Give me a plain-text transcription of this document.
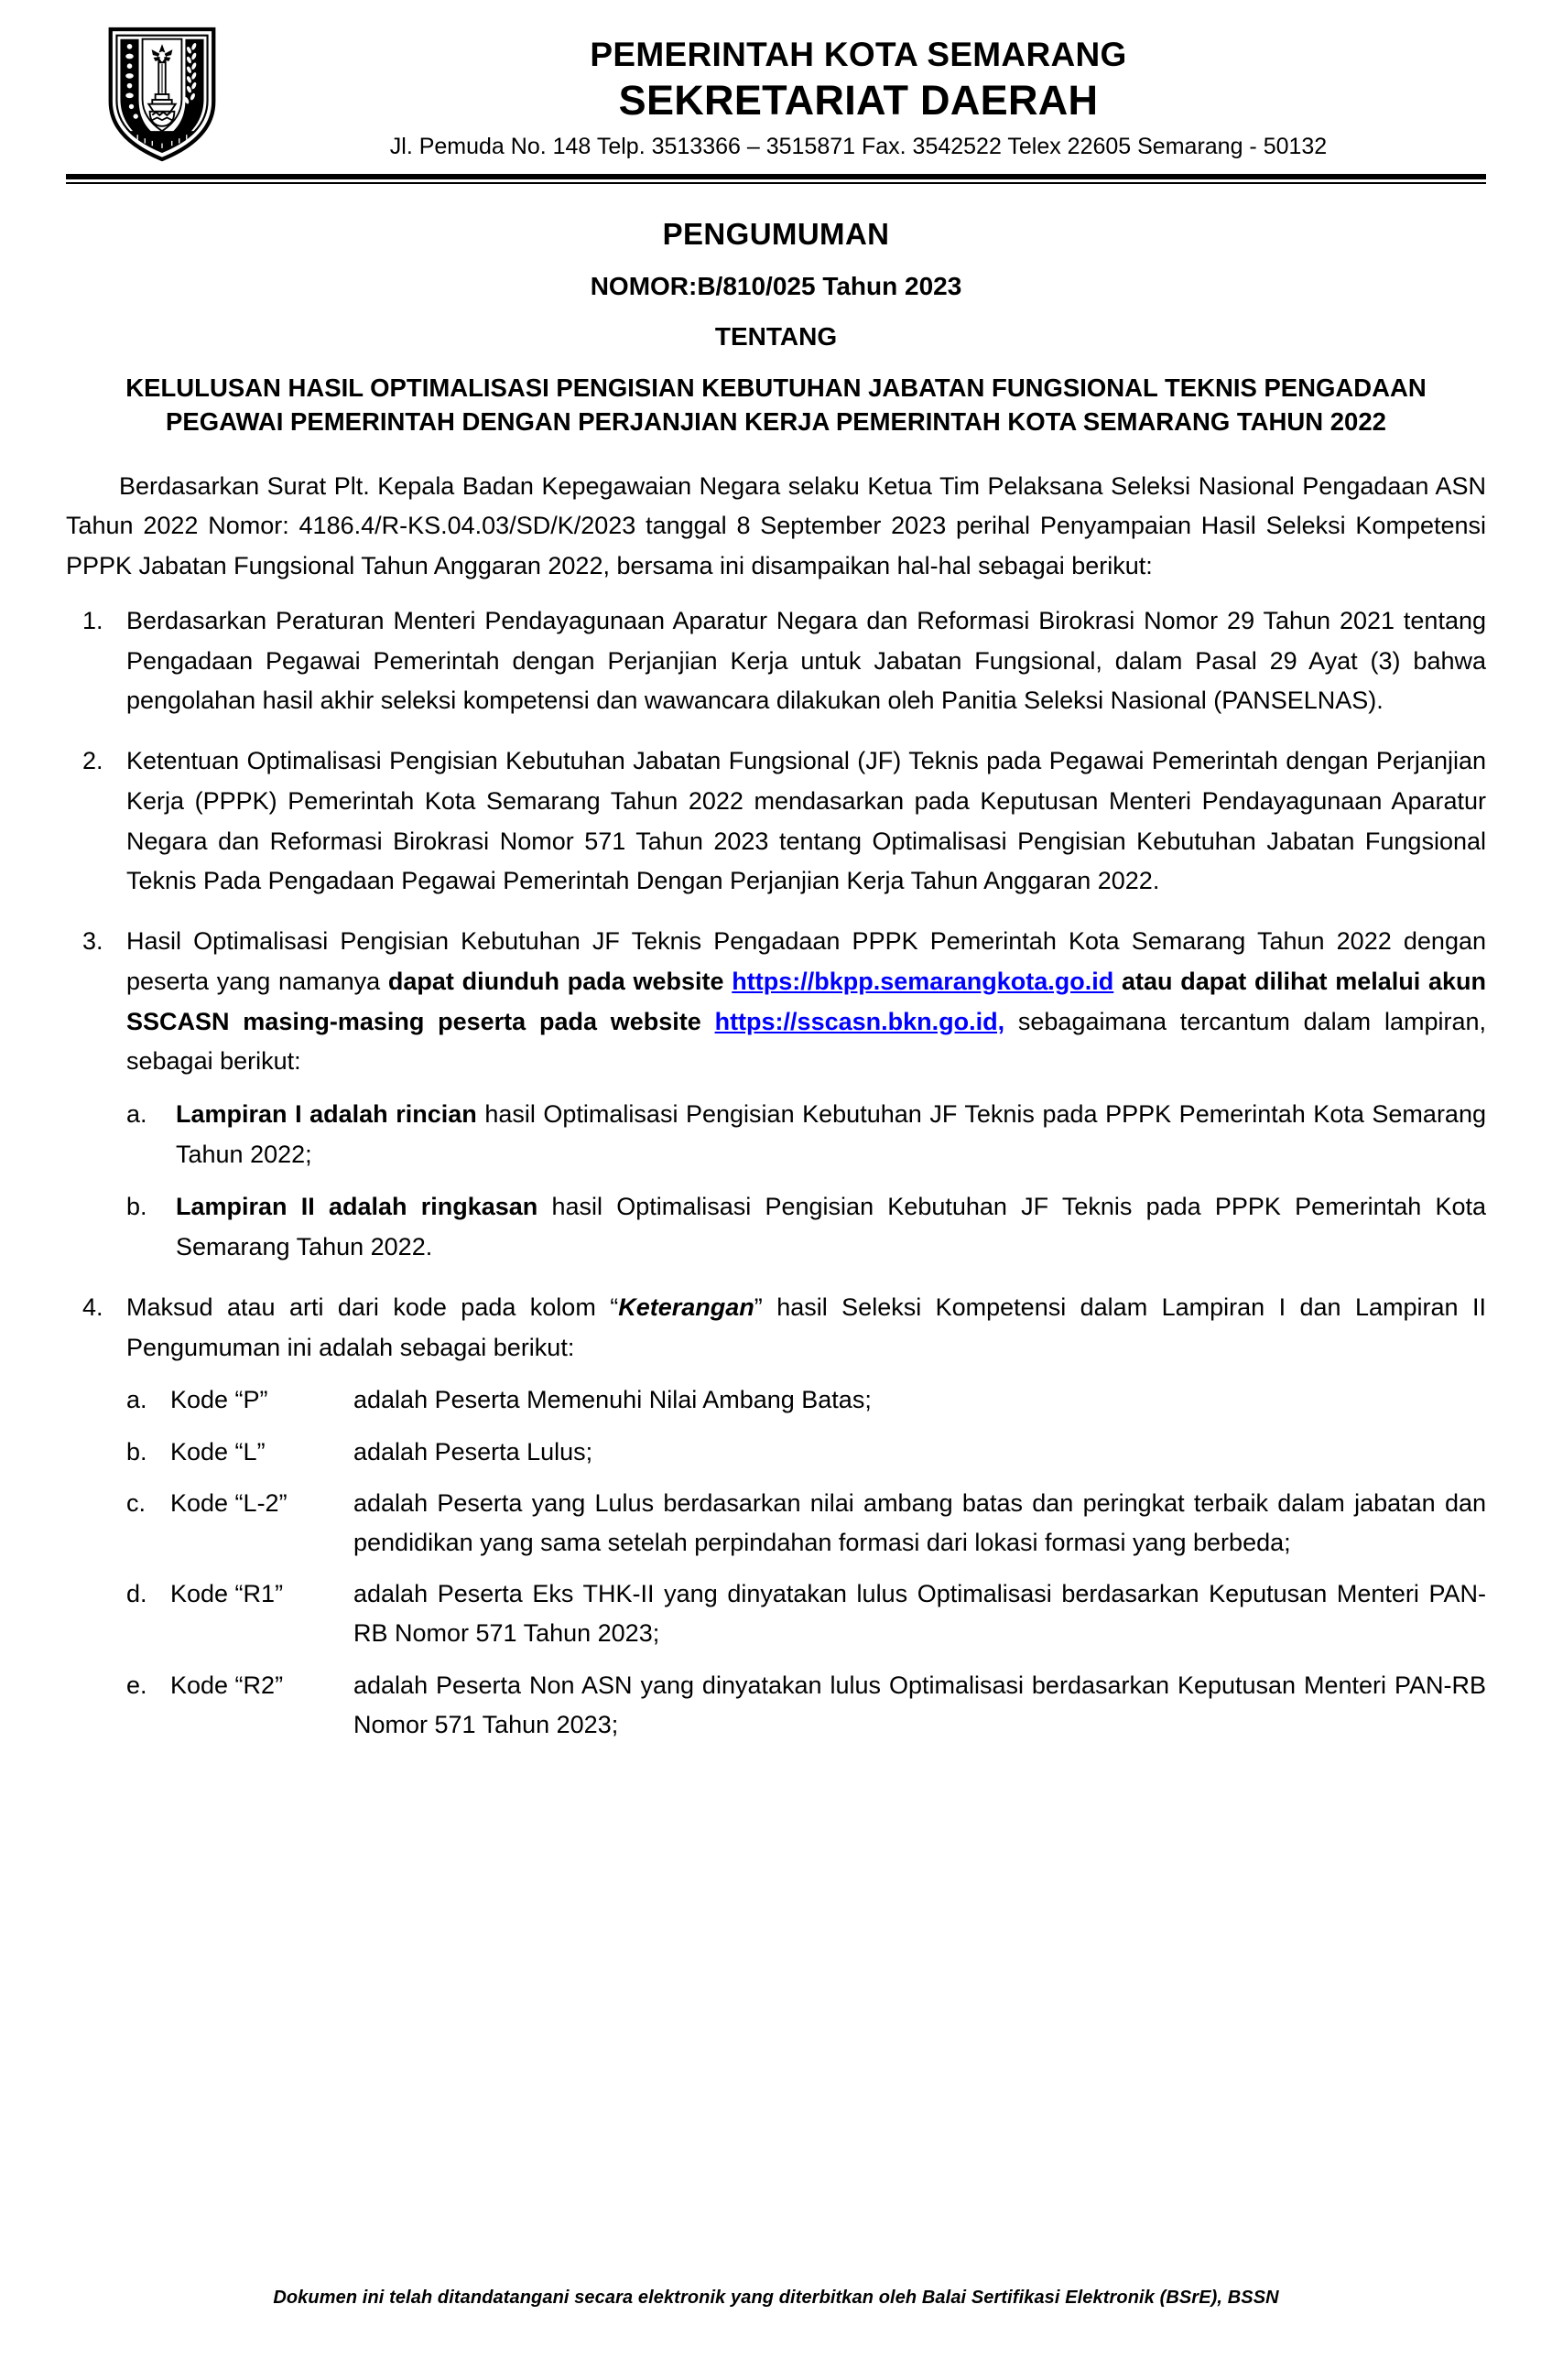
PEMERINTAH KOTA SEMARANG
SEKRETARIAT DAERAH
Jl. Pemuda No. 148 Telp. 3513366 – 3515871 Fax. 3542522 Telex 22605 Semarang - 50132
PENGUMUMAN
NOMOR:B/810/025 Tahun 2023
TENTANG
KELULUSAN HASIL OPTIMALISASI PENGISIAN KEBUTUHAN JABATAN FUNGSIONAL TEKNIS PENGADAAN PEGAWAI PEMERINTAH DENGAN PERJANJIAN KERJA PEMERINTAH KOTA SEMARANG TAHUN 2022

Berdasarkan Surat Plt. Kepala Badan Kepegawaian Negara selaku Ketua Tim Pelaksana Seleksi Nasional Pengadaan ASN Tahun 2022 Nomor: 4186.4/R-KS.04.03/SD/K/2023 tanggal 8 September 2023 perihal Penyampaian Hasil Seleksi Kompetensi PPPK Jabatan Fungsional Tahun Anggaran 2022, bersama ini disampaikan hal-hal sebagai berikut:

1. Berdasarkan Peraturan Menteri Pendayagunaan Aparatur Negara dan Reformasi Birokrasi Nomor 29 Tahun 2021 tentang Pengadaan Pegawai Pemerintah dengan Perjanjian Kerja untuk Jabatan Fungsional, dalam Pasal 29 Ayat (3) bahwa pengolahan hasil akhir seleksi kompetensi dan wawancara dilakukan oleh Panitia Seleksi Nasional (PANSELNAS).
2. Ketentuan Optimalisasi Pengisian Kebutuhan Jabatan Fungsional (JF) Teknis pada Pegawai Pemerintah dengan Perjanjian Kerja (PPPK) Pemerintah Kota Semarang Tahun 2022 mendasarkan pada Keputusan Menteri Pendayagunaan Aparatur Negara dan Reformasi Birokrasi Nomor 571 Tahun 2023 tentang Optimalisasi Pengisian Kebutuhan Jabatan Fungsional Teknis Pada Pengadaan Pegawai Pemerintah Dengan Perjanjian Kerja Tahun Anggaran 2022.
3. Hasil Optimalisasi Pengisian Kebutuhan JF Teknis Pengadaan PPPK Pemerintah Kota Semarang Tahun 2022 dengan peserta yang namanya dapat diunduh pada website https://bkpp.semarangkota.go.id atau dapat dilihat melalui akun SSCASN masing-masing peserta pada website https://sscasn.bkn.go.id, sebagaimana tercantum dalam lampiran, sebagai berikut:
a.	Lampiran I adalah rincian hasil Optimalisasi Pengisian Kebutuhan JF Teknis pada PPPK Pemerintah Kota Semarang Tahun 2022;
b.	Lampiran II adalah ringkasan hasil Optimalisasi Pengisian Kebutuhan JF Teknis pada PPPK Pemerintah Kota Semarang Tahun 2022.
4. Maksud atau arti dari kode pada kolom “Keterangan” hasil Seleksi Kompetensi dalam Lampiran I dan Lampiran II Pengumuman ini adalah sebagai berikut:
a. Kode “P”	adalah Peserta Memenuhi Nilai Ambang Batas;
b. Kode “L”	adalah Peserta Lulus;
c. Kode “L-2”	adalah Peserta yang Lulus berdasarkan nilai ambang batas dan peringkat terbaik dalam jabatan dan pendidikan yang sama setelah perpindahan formasi dari lokasi formasi yang berbeda;
d. Kode “R1”	adalah Peserta Eks THK-II yang dinyatakan lulus Optimalisasi berdasarkan Keputusan Menteri PAN-RB Nomor 571 Tahun 2023;
e. Kode “R2”	adalah Peserta Non ASN yang dinyatakan lulus Optimalisasi berdasarkan Keputusan Menteri PAN-RB Nomor 571 Tahun 2023;
Dokumen ini telah ditandatangani secara elektronik yang diterbitkan oleh Balai Sertifikasi Elektronik (BSrE), BSSN
